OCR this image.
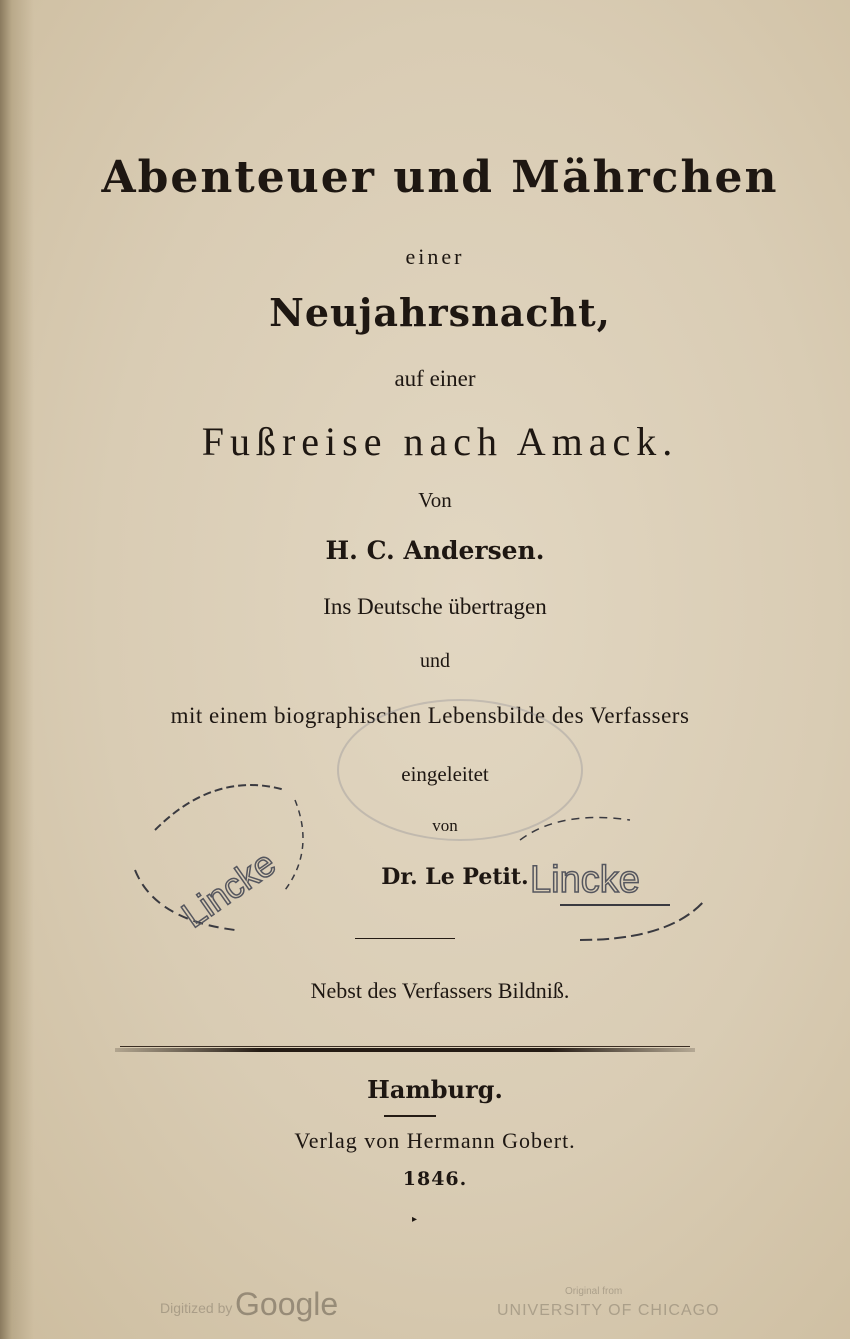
Abenteuer und Mährchen
einer
Neujahrsnacht,
auf einer
Fußreise nach Amack.
Von
H. C. Andersen.
Ins Deutsche übertragen
und
mit einem biographischen Lebensbilde des Verfassers
eingeleitet
von
Dr. Le Petit.
Nebst des Verfassers Bildniß.
Hamburg.
Verlag von Hermann Gobert.
1846.
▸
Lincke	Lincke
Digitized by Google	Original from
UNIVERSITY OF CHICAGO
